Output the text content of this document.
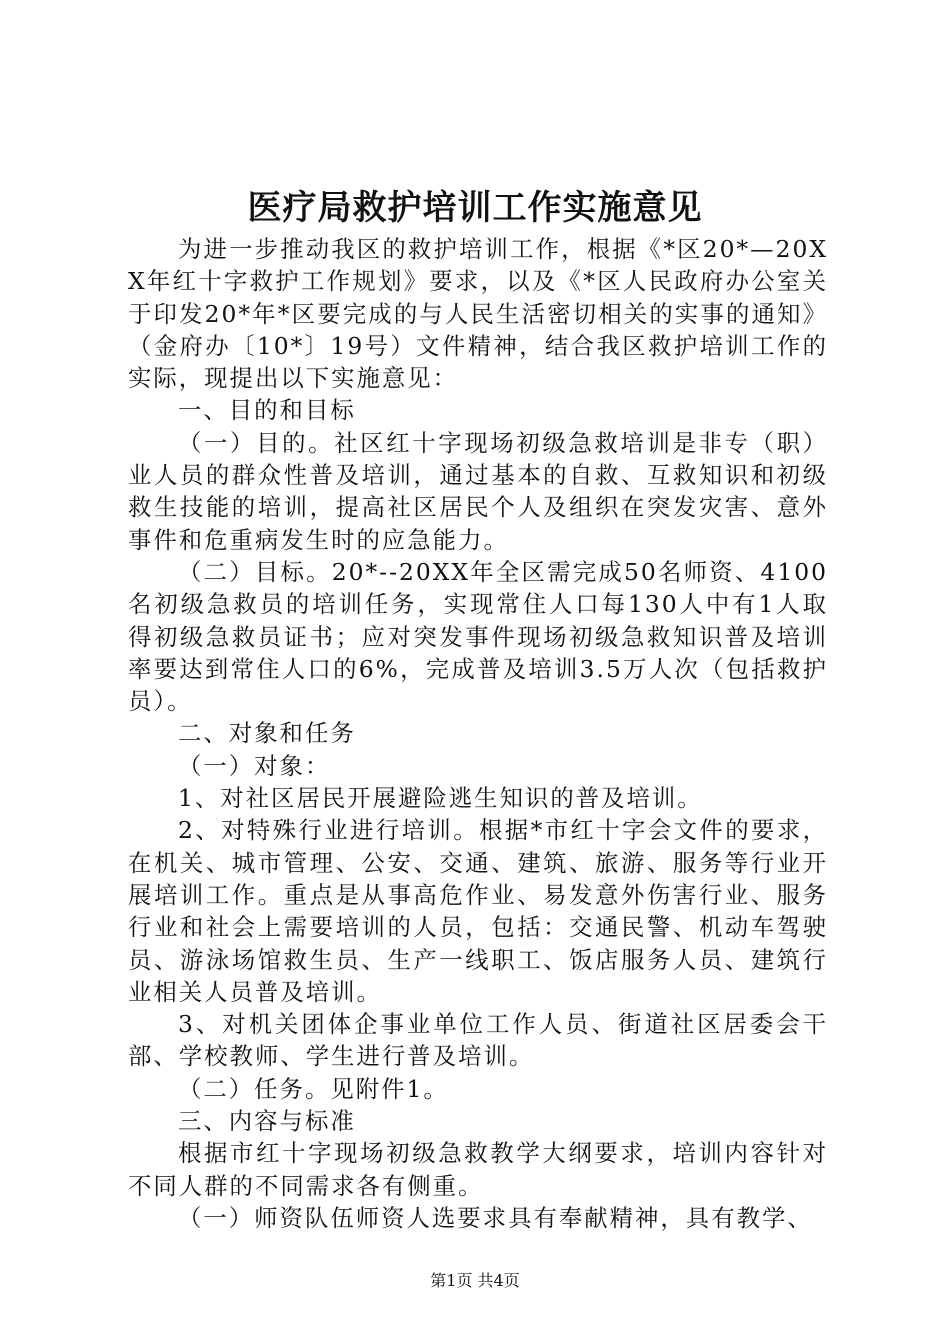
医疗局救护培训工作实施意见

为进一步推动我区的救护培训工作，根据《*区20*—20XX年红十字救护工作规划》要求，以及《*区人民政府办公室关于印发20*年*区要完成的与人民生活密切相关的实事的通知》（金府办〔10*〕19号）文件精神，结合我区救护培训工作的实际，现提出以下实施意见：

一、目的和目标

（一）目的。社区红十字现场初级急救培训是非专（职）业人员的群众性普及培训，通过基本的自救、互救知识和初级救生技能的培训，提高社区居民个人及组织在突发灾害、意外事件和危重病发生时的应急能力。

（二）目标。20*--20XX年全区需完成50名师资、4100名初级急救员的培训任务，实现常住人口每130人中有1人取得初级急救员证书；应对突发事件现场初级急救知识普及培训率要达到常住人口的6%，完成普及培训3.5万人次（包括救护员）。

二、对象和任务

（一）对象：

1、对社区居民开展避险逃生知识的普及培训。

2、对特殊行业进行培训。根据*市红十字会文件的要求，在机关、城市管理、公安、交通、建筑、旅游、服务等行业开展培训工作。重点是从事高危作业、易发意外伤害行业、服务行业和社会上需要培训的人员，包括：交通民警、机动车驾驶员、游泳场馆救生员、生产一线职工、饭店服务人员、建筑行业相关人员普及培训。

3、对机关团体企事业单位工作人员、街道社区居委会干部、学校教师、学生进行普及培训。

（二）任务。见附件1。

三、内容与标准

根据市红十字现场初级急救教学大纲要求，培训内容针对不同人群的不同需求各有侧重。

（一）师资队伍师资人选要求具有奉献精神，具有教学、

第1页 共4页
